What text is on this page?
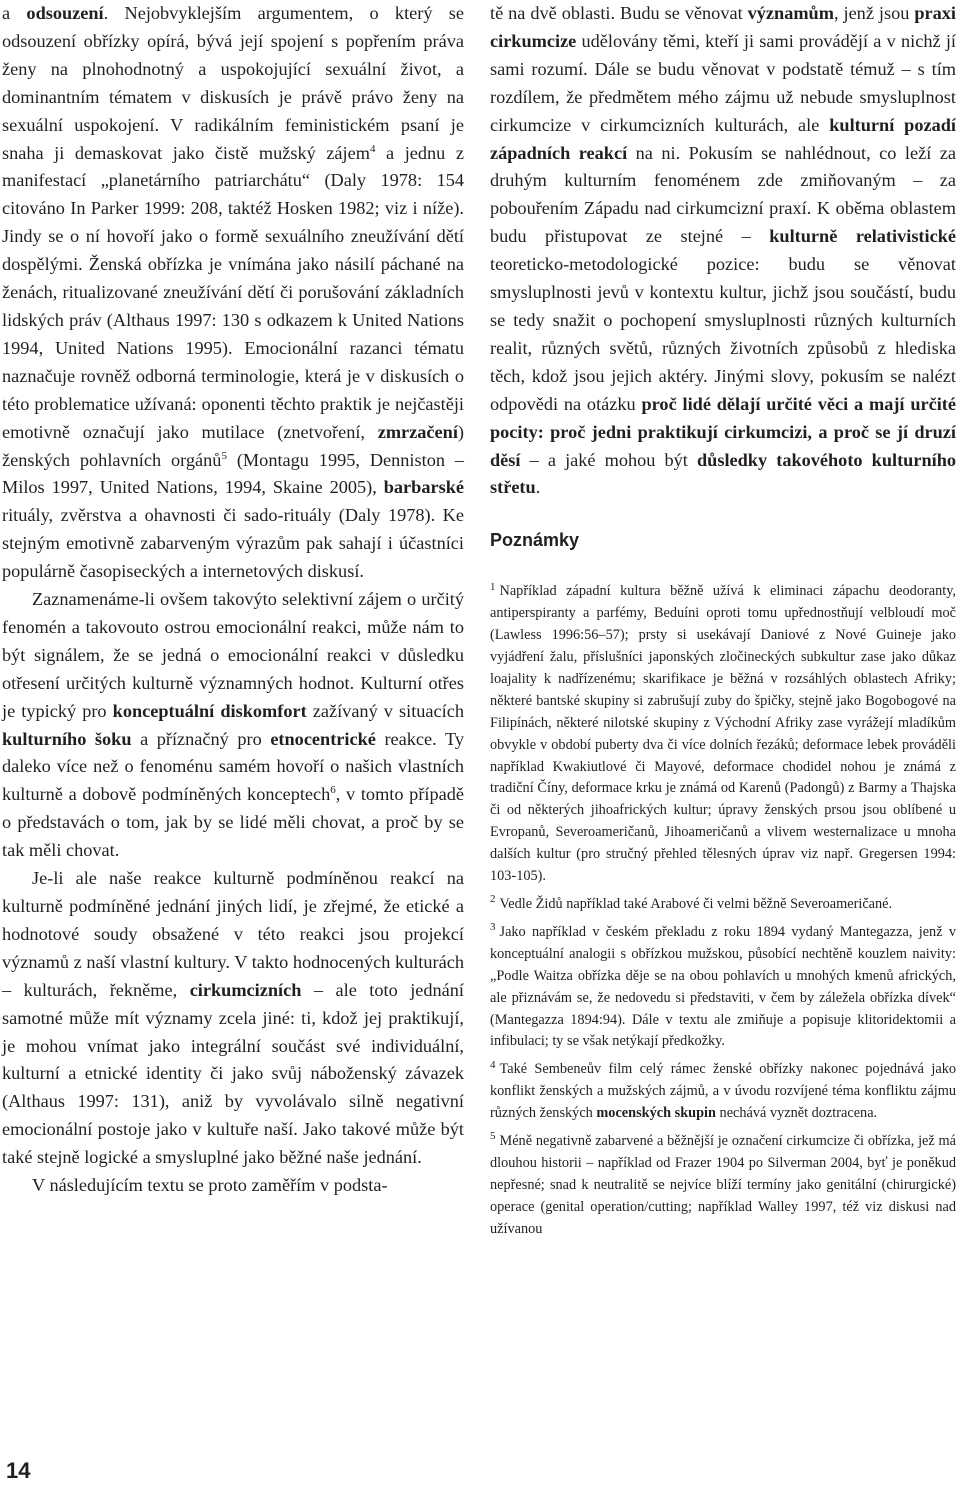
a odsouzení. Nejobvyklejším argumentem, o který se odsouzení obřízky opírá, bývá její spojení s popřením práva ženy na plnohodnotný a uspokojující sexuální život, a dominantním tématem v diskusích je právě právo ženy na sexuální uspokojení. V radikálním feministickém psaní je snaha ji demaskovat jako čistě mužský zájem$^4$ a jednu z manifestací „planetárního patriarchátu“ (Daly 1978: 154 citováno In Parker 1999: 208, taktéž Hosken 1982; viz i níže). Jindy se o ní hovoří jako o formě sexuálního zneužívání dětí dospělými. Ženská obřízka je vnímána jako násilí páchané na ženách, ritualizované zneužívání dětí či porušování základních lidských práv (Althaus 1997: 130 s odkazem k United Nations 1994, United Nations 1995). Emocionální razanci tématu naznačuje rovněž odborná terminologie, která je v diskusích o této problematice užívaná: oponenti těchto praktik je nejčastěji emotivně označují jako mutilace (znetvoření, zmrzačení) ženských pohlavních orgánů$^5$ (Montagu 1995, Denniston – Milos 1997, United Nations, 1994, Skaine 2005), barbarské rituály, zvěrstva a ohavnosti či sado-rituály (Daly 1978). Ke stejným emotivně zabarveným výrazům pak sahají i účastníci populárně časopiseckých a internetových diskusí.

Zaznamenáme-li ovšem takovýto selektivní zájem o určitý fenomén a takovouto ostrou emocionální reakci, může nám to být signálem, že se jedná o emocionální reakci v důsledku otřesení určitých kulturně významných hodnot. Kulturní otřes je typický pro konceptuální diskomfort zažívaný v situacích kulturního šoku a příznačný pro etnocentrické reakce. Ty daleko více než o fenoménu samém hovoří o našich vlastních kulturně a dobově podmíněných konceptech$^6$, v tomto případě o představách o tom, jak by se lidé měli chovat, a proč by se tak měli chovat.

Je-li ale naše reakce kulturně podmíněnou reakcí na kulturně podmíněné jednání jiných lidí, je zřejmé, že etické a hodnotové soudy obsažené v této reakci jsou projekcí významů z naší vlastní kultury. V takto hodnocených kulturách – kulturách, řekněme, cirkumcizních – ale toto jednání samotné může mít významy zcela jiné: ti, kdož jej praktikují, je mohou vnímat jako integrální součást své individuální, kulturní a etnické identity či jako svůj náboženský závazek (Althaus 1997: 131), aniž by vyvolávalo silně negativní emocionální postoje jako v kultuře naší. Jako takové může být také stejně logické a smysluplné jako běžné naše jednání.

V následujícím textu se proto zaměřím v podsta-

tě na dvě oblasti. Budu se věnovat významům, jenž jsou praxi cirkumcize udělovány těmi, kteří ji sami provádějí a v nichž jí sami rozumí. Dále se budu věnovat v podstatě témuž – s tím rozdílem, že předmětem mého zájmu už nebude smysluplnost cirkumcize v cirkumcizních kulturách, ale kulturní pozadí západních reakcí na ni. Pokusím se nahlédnout, co leží za druhým kulturním fenoménem zde zmiňovaným – za pobouřením Západu nad cirkumcizní praxí. K oběma oblastem budu přistupovat ze stejné – kulturně relativistické teoreticko-metodologické pozice: budu se věnovat smysluplnosti jevů v kontextu kultur, jichž jsou součástí, budu se tedy snažit o pochopení smysluplnosti různých kulturních realit, různých světů, různých životních způsobů z hlediska těch, kdož jsou jejich aktéry. Jinými slovy, pokusím se nalézt odpovědi na otázku proč lidé dělají určité věci a mají určité pocity: proč jedni praktikují cirkumcizi, a proč se jí druzí děsí – a jaké mohou být důsledky takovéhoto kulturního střetu.

Poznámky

$^1$ Například západní kultura běžně užívá k eliminaci zápachu deodoranty, antiperspiranty a parfémy, Beduíni oproti tomu upřednostňují velbloudí moč (Lawless 1996:56–57); prsty si usekávají Daniové z Nové Guineje jako vyjádření žalu, příslušníci japonských zločineckých subkultur zase jako důkaz loajality k nadřízenému; skarifikace je běžná v rozsáhlých oblastech Afriky; některé bantské skupiny si zabrušují zuby do špičky, stejně jako Bogobogové na Filipínách, některé nilotské skupiny z Východní Afriky zase vyrážejí mladíkům obvykle v období puberty dva či více dolních řezáků; deformace lebek prováděli například Kwakiutlové či Mayové, deformace chodidel nohou je známá z tradiční Číny, deformace krku je známá od Karenů (Padongů) z Barmy a Thajska či od některých jihoafrických kultur; úpravy ženských prsou jsou oblíbené u Evropanů, Severoameričanů, Jihoameričanů a vlivem westernalizace u mnoha dalších kultur (pro stručný přehled tělesných úprav viz např. Gregersen 1994: 103-105).

$^2$ Vedle Židů například také Arabové či velmi běžně Severoameričané.

$^3$ Jako například v českém překladu z roku 1894 vydaný Mantegazza, jenž v konceptuální analogii s obřízkou mužskou, působící nechtěně kouzlem naivity: „Podle Waitza obřízka děje se na obou pohlavích u mnohých kmenů afrických, ale přiznávám se, že nedovedu si představiti, v čem by záležela obřízka dívek“ (Mantegazza 1894:94). Dále v textu ale zmiňuje a popisuje klitoridektomii a infibulaci; ty se však netýkají předkožky.

$^4$ Také Sembeneův film celý rámec ženské obřízky nakonec pojednává jako konflikt ženských a mužských zájmů, a v úvodu rozvíjené téma konfliktu zájmu různých ženských mocenských skupin nechává vyznět doztracena.

$^5$ Méně negativně zabarvené a běžnější je označení cirkumcize či obřízka, jež má dlouhou historii – například od Frazer 1904 po Silverman 2004, byť je poněkud nepřesné; snad k neutralitě se nejvíce blíží termíny jako genitální (chirurgické) operace (genital operation/cutting; například Walley 1997, též viz diskusi nad užívanou

14
